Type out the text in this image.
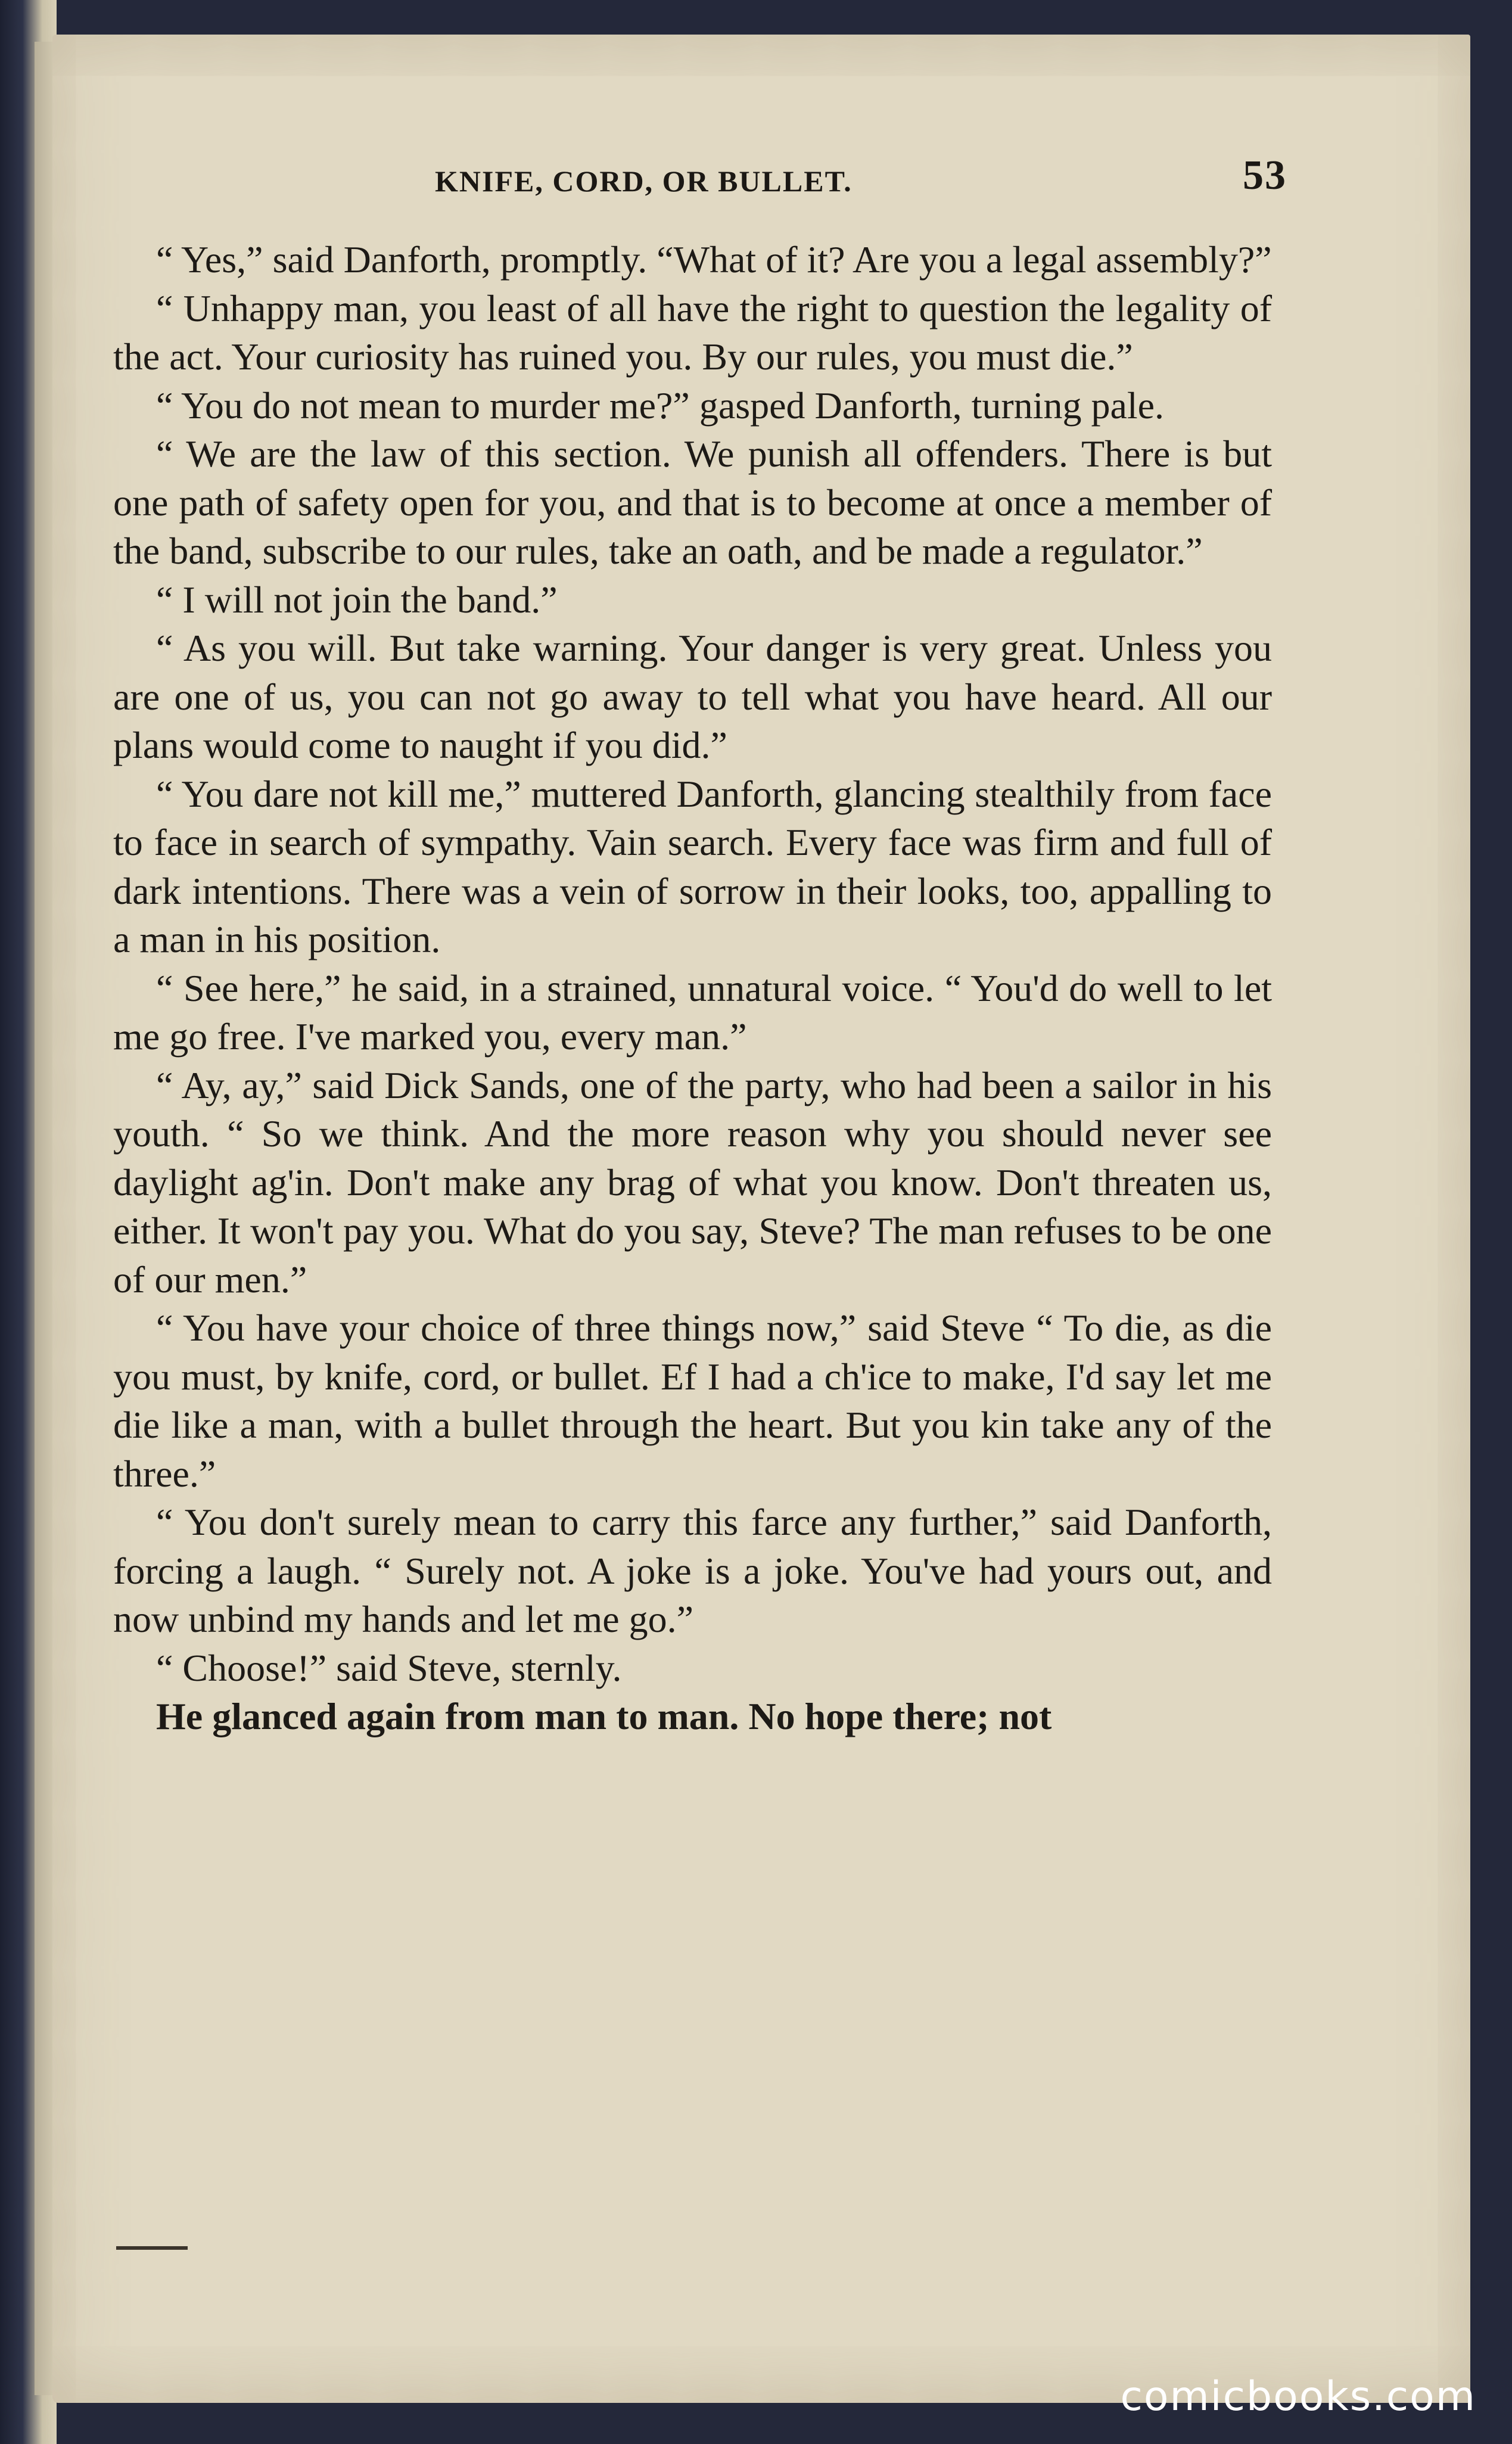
KNIFE, CORD, OR BULLET.	53

“ Yes,” said Danforth, promptly. “What of it? Are you a legal assembly?”

“ Unhappy man, you least of all have the right to question the legality of the act. Your curiosity has ruined you. By our rules, you must die.”

“ You do not mean to murder me?” gasped Danforth, turning pale.

“ We are the law of this section. We punish all offenders. There is but one path of safety open for you, and that is to become at once a member of the band, subscribe to our rules, take an oath, and be made a regulator.”

“ I will not join the band.”

“ As you will. But take warning. Your danger is very great. Unless you are one of us, you can not go away to tell what you have heard. All our plans would come to naught if you did.”

“ You dare not kill me,” muttered Danforth, glancing stealthily from face to face in search of sympathy. Vain search. Every face was firm and full of dark intentions. There was a vein of sorrow in their looks, too, appalling to a man in his position.

“ See here,” he said, in a strained, unnatural voice. “ You'd do well to let me go free. I've marked you, every man.”

“ Ay, ay,” said Dick Sands, one of the party, who had been a sailor in his youth. “ So we think. And the more reason why you should never see daylight ag'in. Don't make any brag of what you know. Don't threaten us, either. It won't pay you. What do you say, Steve? The man refuses to be one of our men.”

“ You have your choice of three things now,” said Steve “ To die, as die you must, by knife, cord, or bullet. Ef I had a ch'ice to make, I'd say let me die like a man, with a bullet through the heart. But you kin take any of the three.”

“ You don't surely mean to carry this farce any further,” said Danforth, forcing a laugh. “ Surely not. A joke is a joke. You've had yours out, and now unbind my hands and let me go.”

“ Choose!” said Steve, sternly.

He glanced again from man to man. No hope there; not

comicbooks.com
